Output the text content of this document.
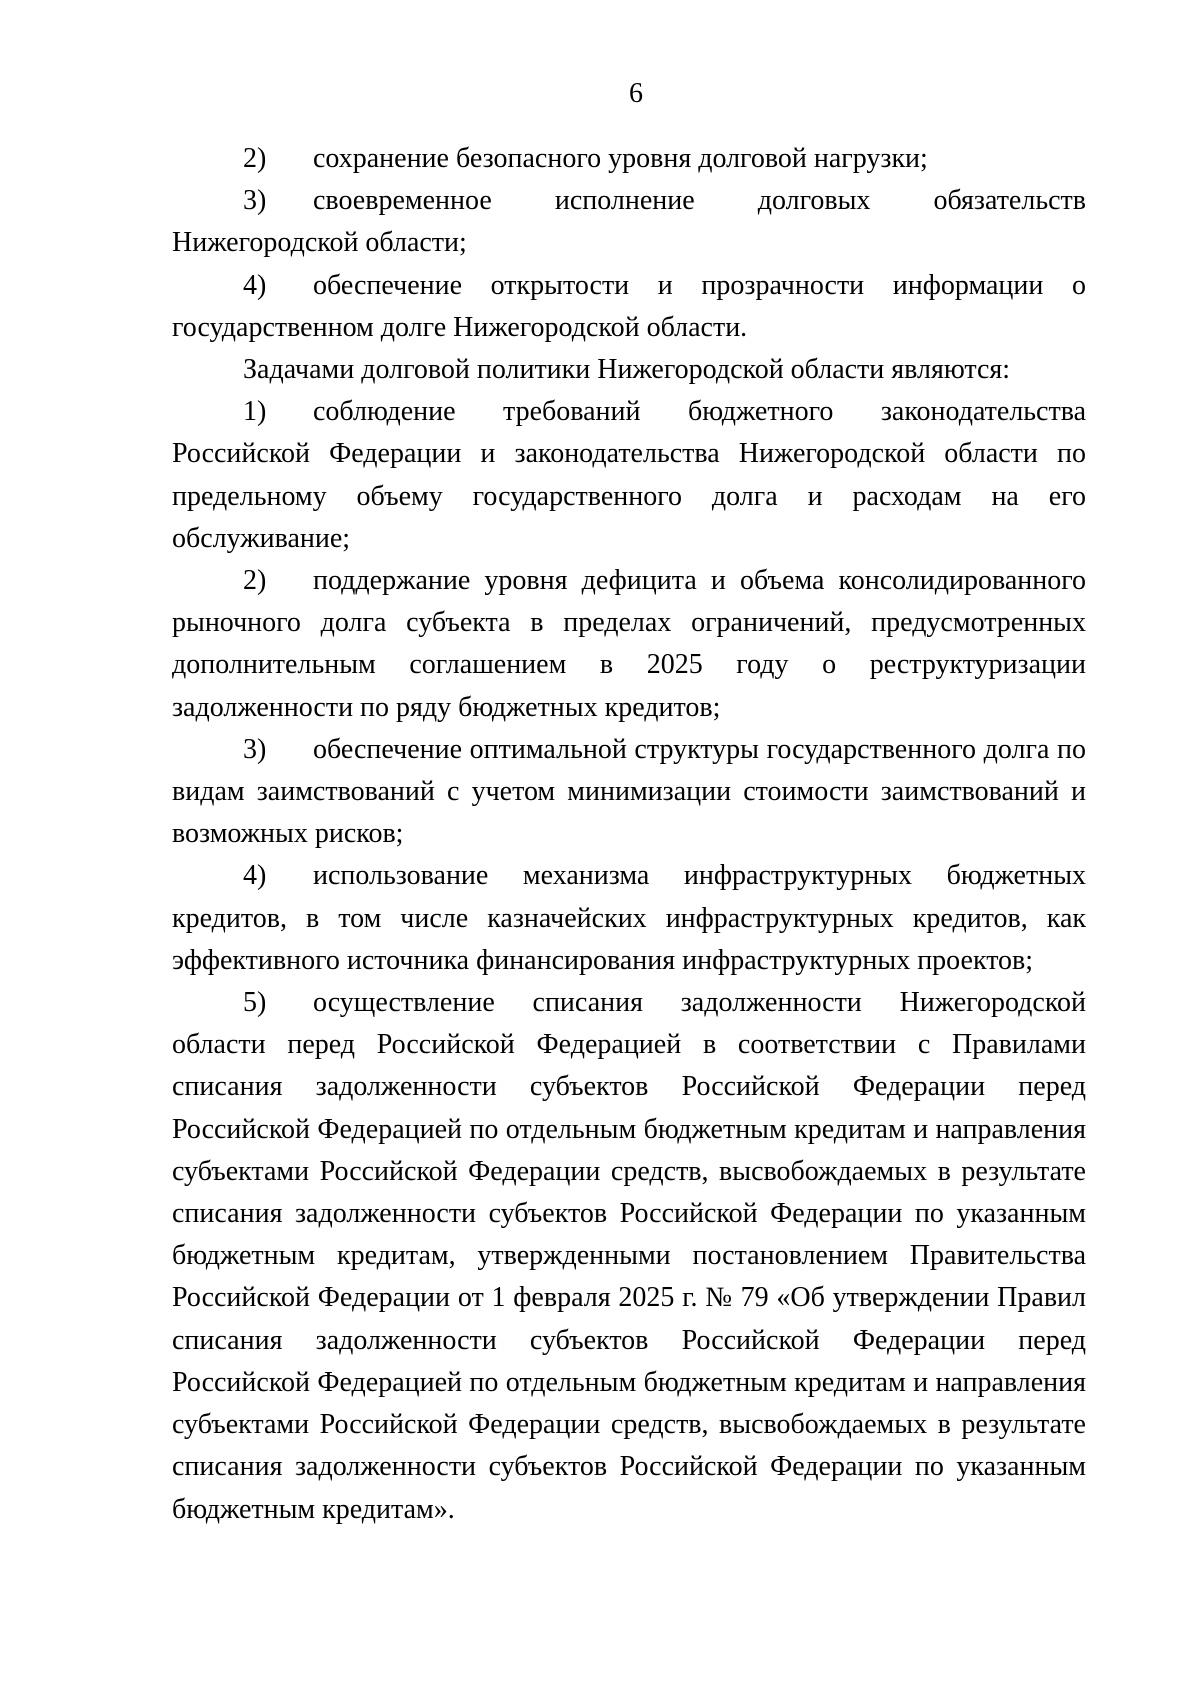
6

2) сохранение безопасного уровня долговой нагрузки;

3) своевременное исполнение долговых обязательств Нижегородской области;

4) обеспечение открытости и прозрачности информации о государственном долге Нижегородской области.

Задачами долговой политики Нижегородской области являются:

1) соблюдение требований бюджетного законодательства Российской Федерации и законодательства Нижегородской области по предельному объему государственного долга и расходам на его обслуживание;

2) поддержание уровня дефицита и объема консолидированного рыночного долга субъекта в пределах ограничений, предусмотренных дополнительным соглашением в 2025 году о реструктуризации задолженности по ряду бюджетных кредитов;

3) обеспечение оптимальной структуры государственного долга по видам заимствований с учетом минимизации стоимости заимствований и возможных рисков;

4) использование механизма инфраструктурных бюджетных кредитов, в том числе казначейских инфраструктурных кредитов, как эффективного источника финансирования инфраструктурных проектов;

5) осуществление списания задолженности Нижегородской области перед Российской Федерацией в соответствии с Правилами списания задолженности субъектов Российской Федерации перед Российской Федерацией по отдельным бюджетным кредитам и направления субъектами Российской Федерации средств, высвобождаемых в результате списания задолженности субъектов Российской Федерации по указанным бюджетным кредитам, утвержденными постановлением Правительства Российской Федерации от 1 февраля 2025 г. № 79 «Об утверждении Правил списания задолженности субъектов Российской Федерации перед Российской Федерацией по отдельным бюджетным кредитам и направления субъектами Российской Федерации средств, высвобождаемых в результате списания задолженности субъектов Российской Федерации по указанным бюджетным кредитам».
